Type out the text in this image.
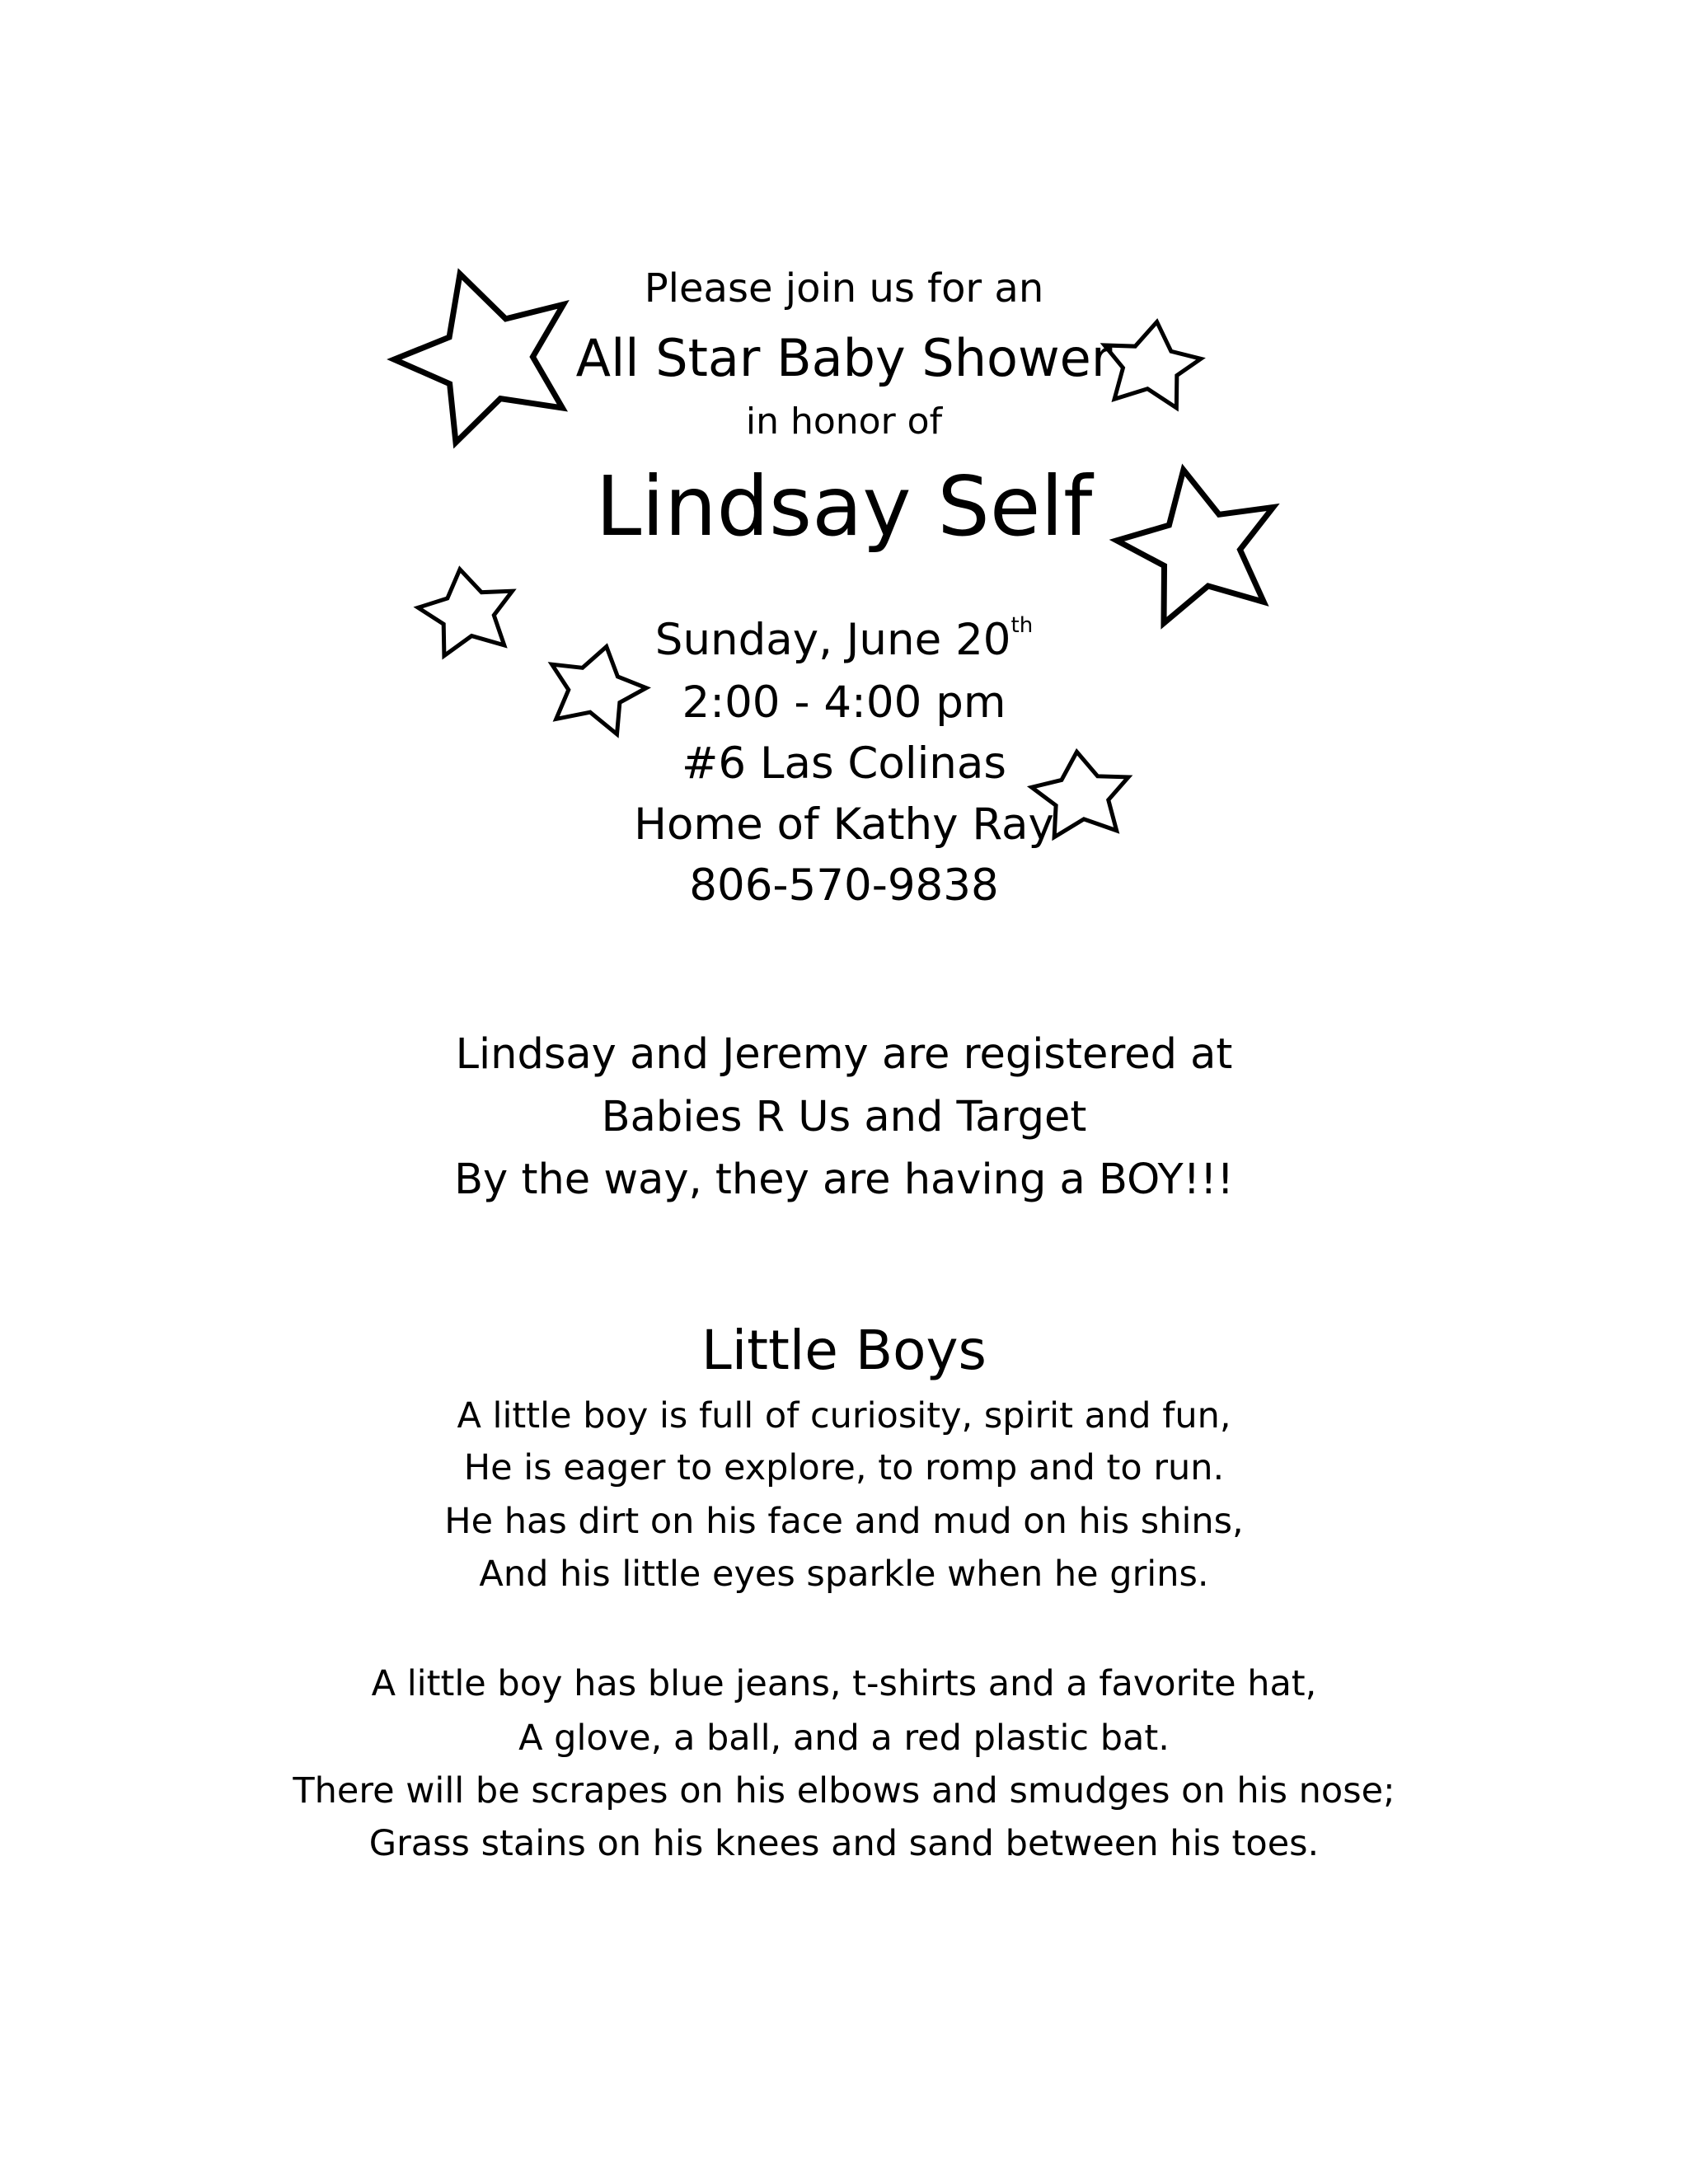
Please join us for an
All Star Baby Shower
in honor of
Lindsay Self
Sunday, June 20th
2:00 - 4:00 pm
#6 Las Colinas
Home of Kathy Ray
806-570-9838
Lindsay and Jeremy are registered at
Babies R Us and Target
By the way, they are having a BOY!!!
Little Boys
A little boy is full of curiosity, spirit and fun,
He is eager to explore, to romp and to run.
He has dirt on his face and mud on his shins,
And his little eyes sparkle when he grins.
A little boy has blue jeans, t-shirts and a favorite hat,
A glove, a ball, and a red plastic bat.
There will be scrapes on his elbows and smudges on his nose;
Grass stains on his knees and sand between his toes.
